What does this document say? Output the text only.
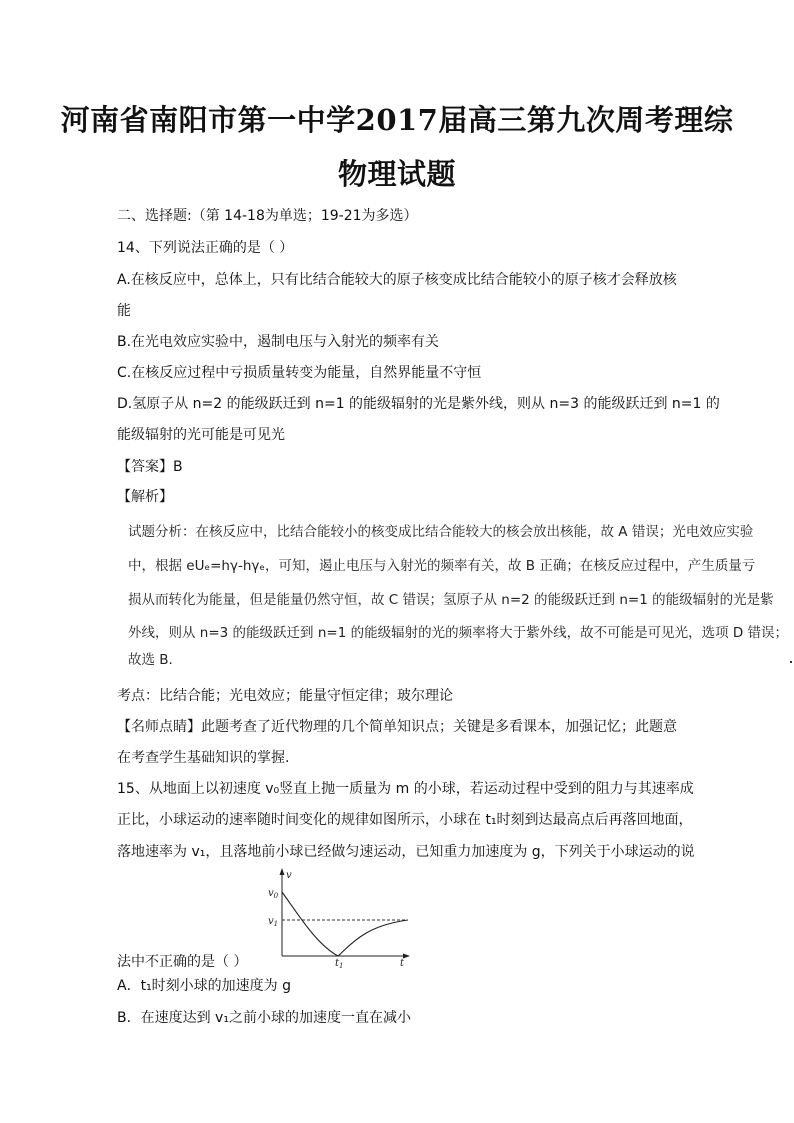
河南省南阳市第一中学2017届高三第九次周考理综
物理试题
二、选择题:（第 14-18为单选；19-21为多选）
14、下列说法正确的是（ ）
A.在核反应中，总体上，只有比结合能较大的原子核变成比结合能较小的原子核才会释放核
能
B.在光电效应实验中，遏制电压与入射光的频率有关
C.在核反应过程中亏损质量转变为能量，自然界能量不守恒
D.氢原子从 n=2 的能级跃迁到 n=1 的能级辐射的光是紫外线，则从 n=3 的能级跃迁到 n=1 的
能级辐射的光可能是可见光
【答案】B
【解析】
试题分析：在核反应中，比结合能较小的核变成比结合能较大的核会放出核能，故 A 错误；光电效应实验
中，根据 eUₑ=hγ-hγₑ，可知，遏止电压与入射光的频率有关，故 B 正确；在核反应过程中，产生质量亏
损从而转化为能量，但是能量仍然守恒，故 C 错误；氢原子从 n=2 的能级跃迁到 n=1 的能级辐射的光是紫
外线，则从 n=3 的能级跃迁到 n=1 的能级辐射的光的频率将大于紫外线，故不可能是可见光，选项 D 错误；
故选 B.
考点：比结合能；光电效应；能量守恒定律；玻尔理论
【名师点睛】此题考查了近代物理的几个简单知识点；关键是多看课本，加强记忆；此题意
在考查学生基础知识的掌握.
15、从地面上以初速度 v₀竖直上抛一质量为 m 的小球，若运动过程中受到的阻力与其速率成
正比，小球运动的速率随时间变化的规律如图所示，小球在 t₁时刻到达最高点后再落回地面，
落地速率为 v₁，且落地前小球已经做匀速运动，已知重力加速度为 g，下列关于小球运动的说
v
$v_0$
$v_1$
$t_1$	t
法中不正确的是（ ）
A．t₁时刻小球的加速度为 g
B．在速度达到 v₁之前小球的加速度一直在减小
